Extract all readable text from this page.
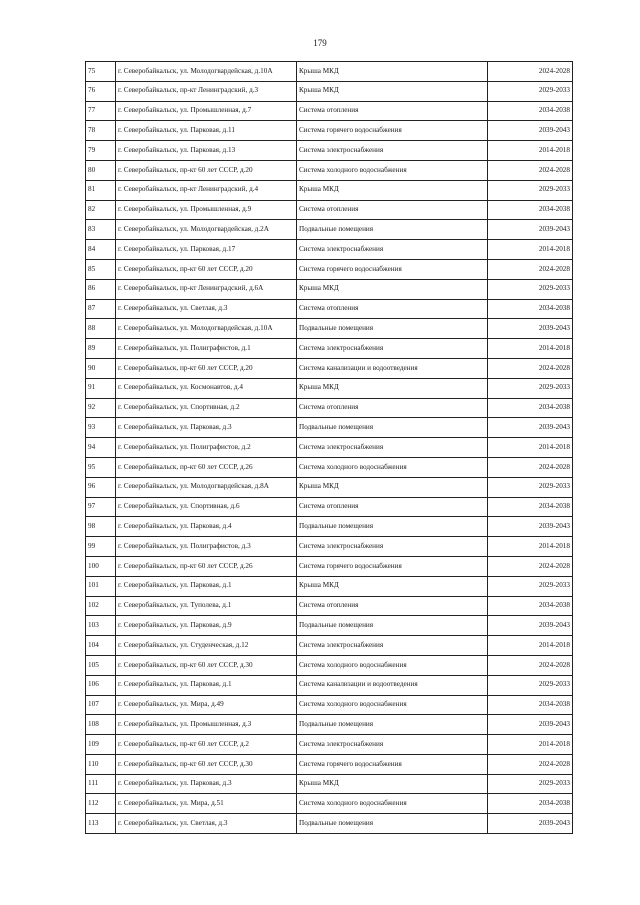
179
75	г. Северобайкальск, ул. Молодогвардейская, д.10А	Крыша МКД	2024-2028
76	г. Северобайкальск, пр-кт Ленинградский, д.3	Крыша МКД	2029-2033
77	г. Северобайкальск, ул. Промышленная, д.7	Система отопления	2034-2038
78	г. Северобайкальск, ул. Парковая, д.11	Система горячего водоснабжения	2039-2043
79	г. Северобайкальск, ул. Парковая, д.13	Система электроснабжения	2014-2018
80	г. Северобайкальск, пр-кт 60 лет СССР, д.20	Система холодного водоснабжения	2024-2028
81	г. Северобайкальск, пр-кт Ленинградский, д.4	Крыша МКД	2029-2033
82	г. Северобайкальск, ул. Промышленная, д.9	Система отопления	2034-2038
83	г. Северобайкальск, ул. Молодогвардейская, д.2А	Подвальные помещения	2039-2043
84	г. Северобайкальск, ул. Парковая, д.17	Система электроснабжения	2014-2018
85	г. Северобайкальск, пр-кт 60 лет СССР, д.20	Система горячего водоснабжения	2024-2028
86	г. Северобайкальск, пр-кт Ленинградский, д.6А	Крыша МКД	2029-2033
87	г. Северобайкальск, ул. Светлая, д.3	Система отопления	2034-2038
88	г. Северобайкальск, ул. Молодогвардейская, д.10А	Подвальные помещения	2039-2043
89	г. Северобайкальск, ул. Полиграфистов, д.1	Система электроснабжения	2014-2018
90	г. Северобайкальск, пр-кт 60 лет СССР, д.20	Система канализации и водоотведения	2024-2028
91	г. Северобайкальск, ул. Космонавтов, д.4	Крыша МКД	2029-2033
92	г. Северобайкальск, ул. Спортивная, д.2	Система отопления	2034-2038
93	г. Северобайкальск, ул. Парковая, д.3	Подвальные помещения	2039-2043
94	г. Северобайкальск, ул. Полиграфистов, д.2	Система электроснабжения	2014-2018
95	г. Северобайкальск, пр-кт 60 лет СССР, д.26	Система холодного водоснабжения	2024-2028
96	г. Северобайкальск, ул. Молодогвардейская, д.8А	Крыша МКД	2029-2033
97	г. Северобайкальск, ул. Спортивная, д.6	Система отопления	2034-2038
98	г. Северобайкальск, ул. Парковая, д.4	Подвальные помещения	2039-2043
99	г. Северобайкальск, ул. Полиграфистов, д.3	Система электроснабжения	2014-2018
100	г. Северобайкальск, пр-кт 60 лет СССР, д.26	Система горячего водоснабжения	2024-2028
101	г. Северобайкальск, ул. Парковая, д.1	Крыша МКД	2029-2033
102	г. Северобайкальск, ул. Туполева, д.1	Система отопления	2034-2038
103	г. Северобайкальск, ул. Парковая, д.9	Подвальные помещения	2039-2043
104	г. Северобайкальск, ул. Студенческая, д.12	Система электроснабжения	2014-2018
105	г. Северобайкальск, пр-кт 60 лет СССР, д.30	Система холодного водоснабжения	2024-2028
106	г. Северобайкальск, ул. Парковая, д.1	Система канализации и водоотведения	2029-2033
107	г. Северобайкальск, ул. Мира, д.49	Система холодного водоснабжения	2034-2038
108	г. Северобайкальск, ул. Промышленная, д.3	Подвальные помещения	2039-2043
109	г. Северобайкальск, пр-кт 60 лет СССР, д.2	Система электроснабжения	2014-2018
110	г. Северобайкальск, пр-кт 60 лет СССР, д.30	Система горячего водоснабжения	2024-2028
111	г. Северобайкальск, ул. Парковая, д.3	Крыша МКД	2029-2033
112	г. Северобайкальск, ул. Мира, д.51	Система холодного водоснабжения	2034-2038
113	г. Северобайкальск, ул. Светлая, д.3	Подвальные помещения	2039-2043
